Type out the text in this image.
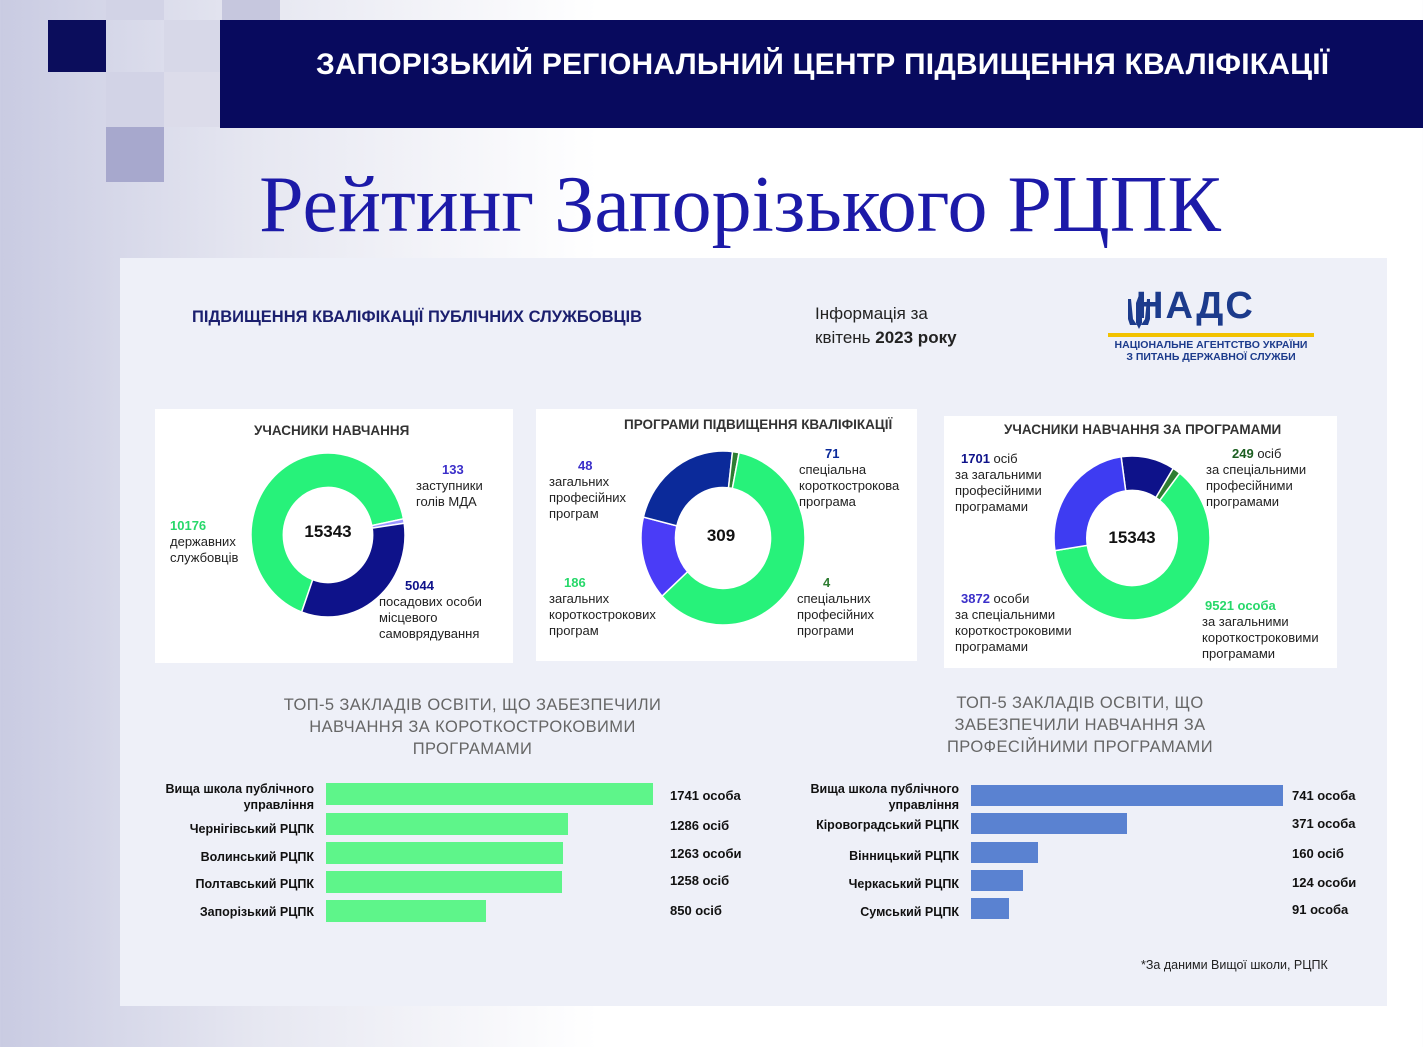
ЗАПОРІЗЬКИЙ РЕГІОНАЛЬНИЙ ЦЕНТР ПІДВИЩЕННЯ КВАЛІФІКАЦІЇ
Рейтинг Запорізького РЦПК
ПІДВИЩЕННЯ КВАЛІФІКАЦІЇ ПУБЛІЧНИХ СЛУЖБОВЦІВ	Інформація за
квітень 2023 року
НАДС
НАЦІОНАЛЬНЕ АГЕНТСТВО УКРАЇНИ
З ПИТАНЬ ДЕРЖАВНОЇ СЛУЖБИ
УЧАСНИКИ НАВЧАННЯ
15343
10176
державних службовців
133
заступники голів МДА
5044
посадових особи місцевого самоврядування
ПРОГРАМИ ПІДВИЩЕННЯ КВАЛІФІКАЦІЇ
309
48
загальних професійних програм
71
спеціальна короткострокова програма
4
спеціальних професійних програми
186
загальних короткострокових програм
УЧАСНИКИ НАВЧАННЯ ЗА ПРОГРАМАМИ
15343
1701 осіб
за загальними професійними програмами
249 осіб
за спеціальними професійними програмами
9521 особа
за загальними короткостроковими програмами
3872 особи
за спеціальними короткостроковими програмами
ТОП-5 ЗАКЛАДІВ ОСВІТИ, ЩО ЗАБЕЗПЕЧИЛИ НАВЧАННЯ ЗА КОРОТКОСТРОКОВИМИ ПРОГРАМАМИ
Вища школа публічного управління
1741 особа
Чернігівський РЦПК	1286 осіб
Волинський РЦПК	1263 особи
Полтавський РЦПК	1258 осіб
Запорізький РЦПК	850 осіб
ТОП-5 ЗАКЛАДІВ ОСВІТИ, ЩО ЗАБЕЗПЕЧИЛИ НАВЧАННЯ ЗА ПРОФЕСІЙНИМИ ПРОГРАМАМИ
Вища школа публічного управління
741 особа
Кіровоградський РЦПК	371 особа
Вінницький РЦПК	160 осіб
Черкаський РЦПК	124 особи
Сумський РЦПК	91 особа
*За даними Вищої школи, РЦПК
